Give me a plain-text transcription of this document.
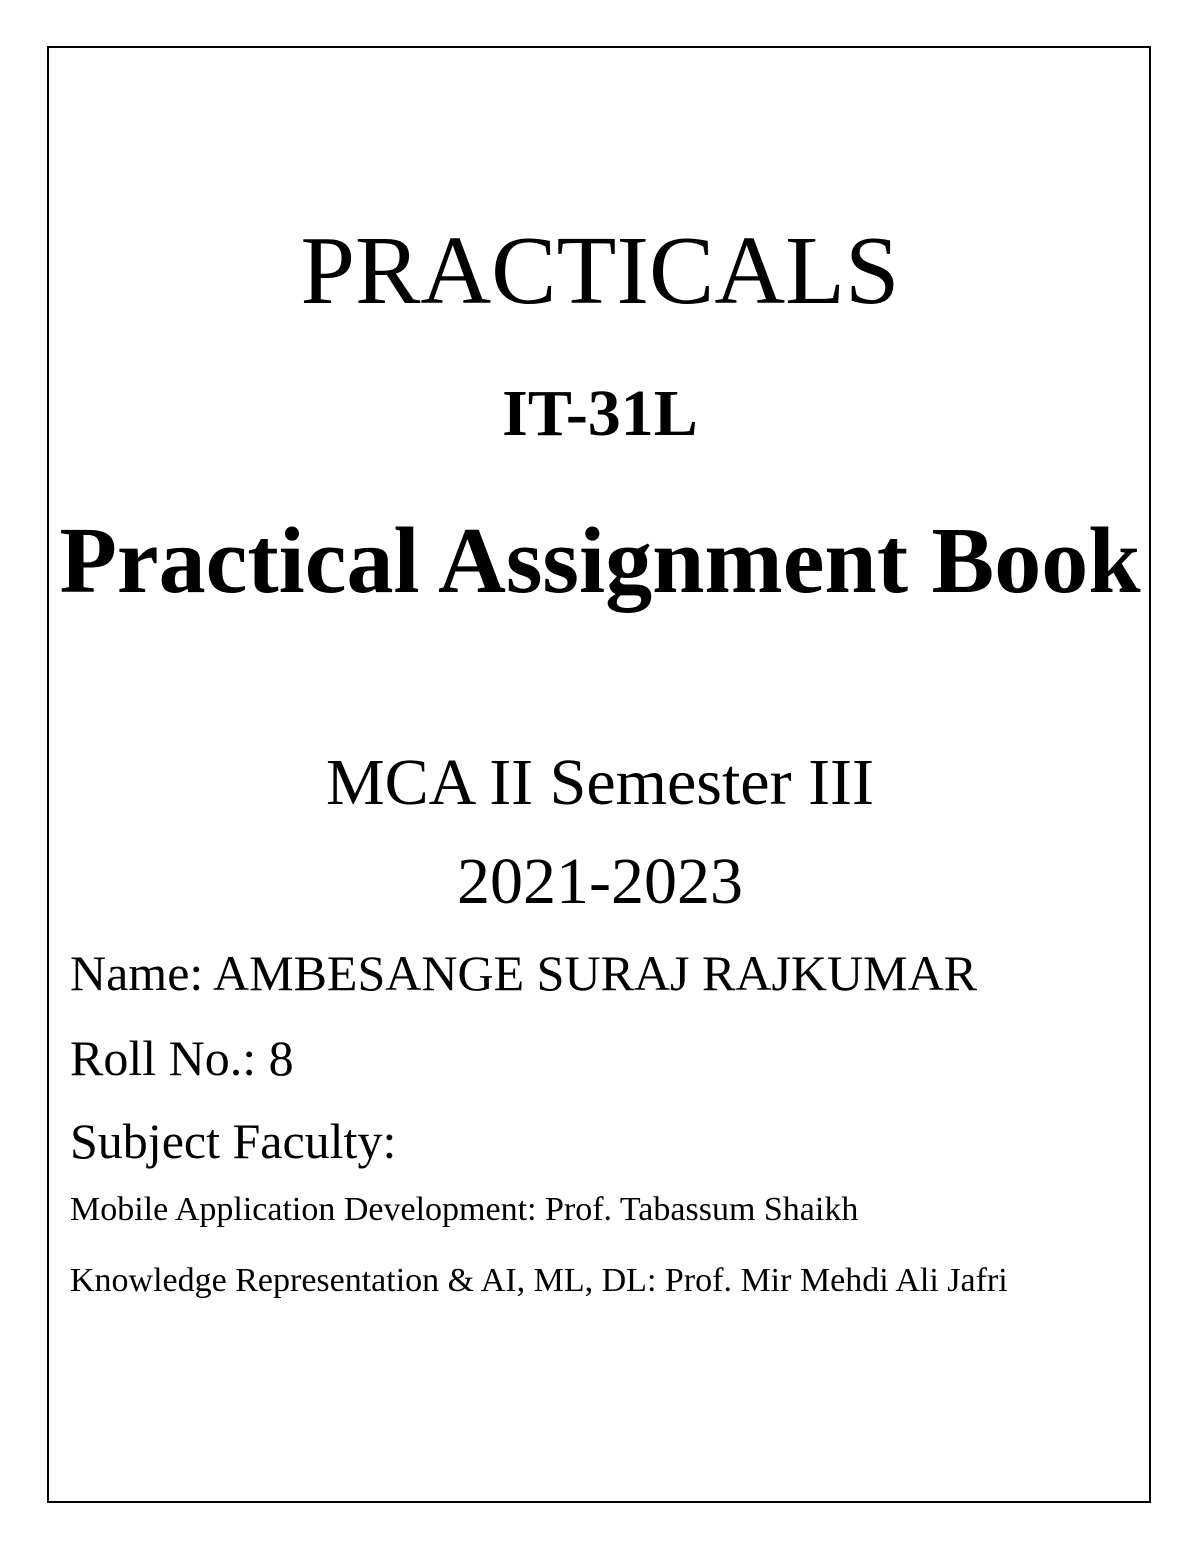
PRACTICALS
IT-31L
Practical Assignment Book
MCA II Semester III
2021-2023
Name: AMBESANGE SURAJ RAJKUMAR
Roll No.: 8
Subject Faculty:
Mobile Application Development: Prof. Tabassum Shaikh
Knowledge Representation & AI, ML, DL: Prof. Mir Mehdi Ali Jafri
